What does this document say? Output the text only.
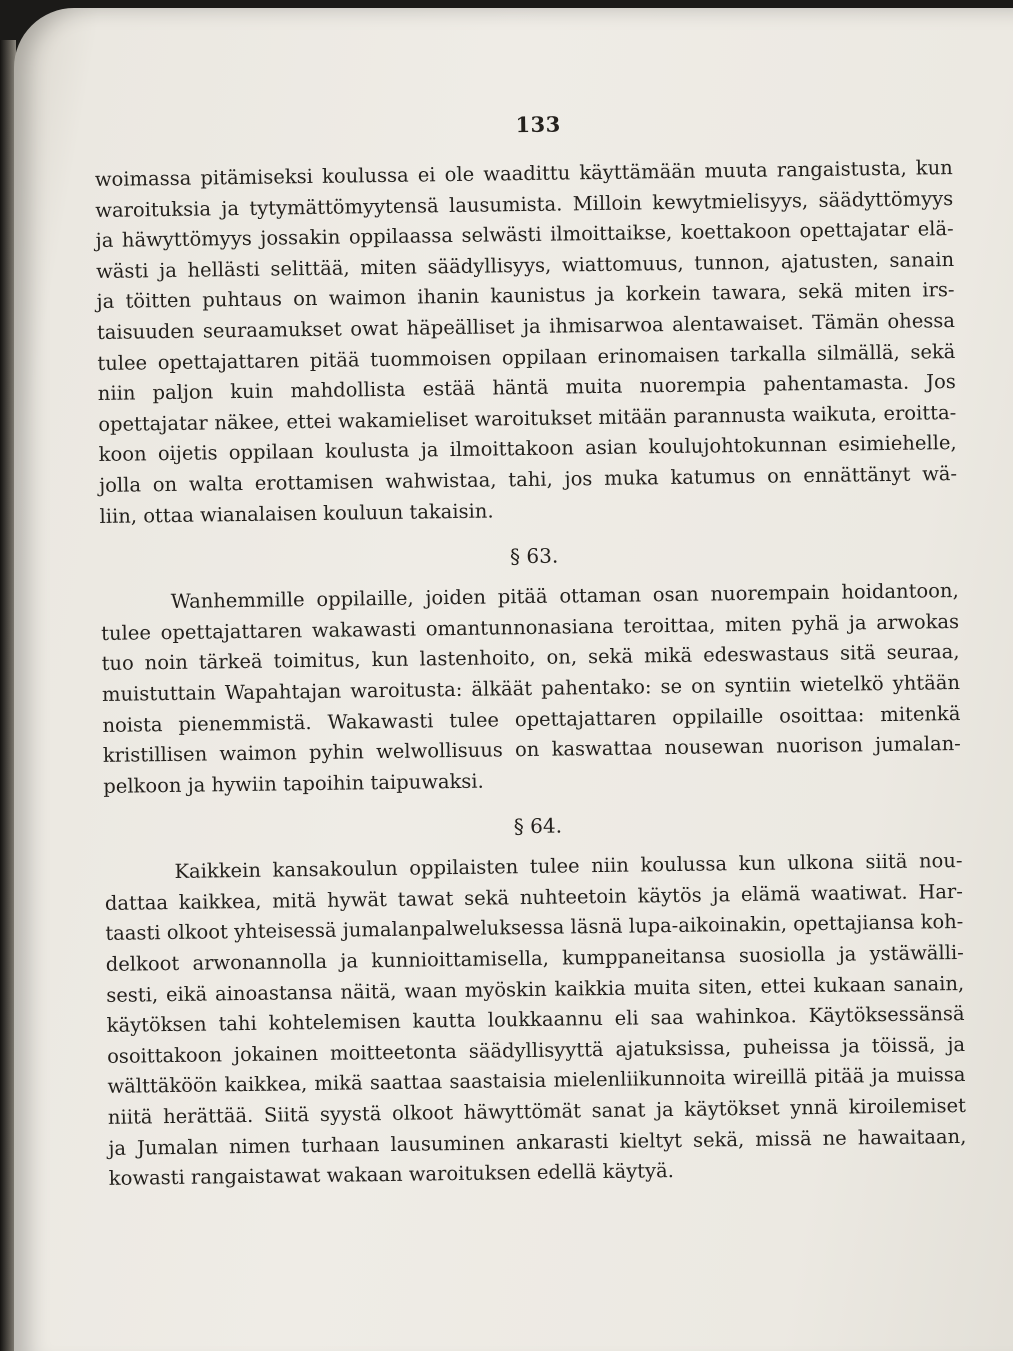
133
woimassa pitämiseksi koulussa ei ole waadittu käyttämään muuta rangaistusta, kun
waroituksia ja tytymättömyytensä lausumista. Milloin kewytmielisyys, säädyttömyys
ja häwyttömyys jossakin oppilaassa selwästi ilmoittaikse, koettakoon opettajatar elä-
wästi ja hellästi selittää, miten säädyllisyys, wiattomuus, tunnon, ajatusten, sanain
ja töitten puhtaus on waimon ihanin kaunistus ja korkein tawara, sekä miten irs-
taisuuden seuraamukset owat häpeälliset ja ihmisarwoa alentawaiset. Tämän ohessa
tulee opettajattaren pitää tuommoisen oppilaan erinomaisen tarkalla silmällä, sekä
niin paljon kuin mahdollista estää häntä muita nuorempia pahentamasta. Jos
opettajatar näkee, ettei wakamieliset waroitukset mitään parannusta waikuta, eroitta-
koon oijetis oppilaan koulusta ja ilmoittakoon asian koulujohtokunnan esimiehelle,
jolla on walta erottamisen wahwistaa, tahi, jos muka katumus on ennättänyt wä-
liin, ottaa wianalaisen kouluun takaisin.
§ 63.
Wanhemmille oppilaille, joiden pitää ottaman osan nuorempain hoidantoon,
tulee opettajattaren wakawasti omantunnonasiana teroittaa, miten pyhä ja arwokas
tuo noin tärkeä toimitus, kun lastenhoito, on, sekä mikä edeswastaus sitä seuraa,
muistuttain Wapahtajan waroitusta: älkäät pahentako: se on syntiin wietelkö yhtään
noista pienemmistä. Wakawasti tulee opettajattaren oppilaille osoittaa: mitenkä
kristillisen waimon pyhin welwollisuus on kaswattaa nousewan nuorison jumalan-
pelkoon ja hywiin tapoihin taipuwaksi.
§ 64.
Kaikkein kansakoulun oppilaisten tulee niin koulussa kun ulkona siitä nou-
dattaa kaikkea, mitä hywät tawat sekä nuhteetoin käytös ja elämä waatiwat. Har-
taasti olkoot yhteisessä jumalanpalweluksessa läsnä lupa-aikoinakin, opettajiansa koh-
delkoot arwonannolla ja kunnioittamisella, kumppaneitansa suosiolla ja ystäwälli-
sesti, eikä ainoastansa näitä, waan myöskin kaikkia muita siten, ettei kukaan sanain,
käytöksen tahi kohtelemisen kautta loukkaannu eli saa wahinkoa. Käytöksessänsä
osoittakoon jokainen moitteetonta säädyllisyyttä ajatuksissa, puheissa ja töissä, ja
wälttäköön kaikkea, mikä saattaa saastaisia mielenliikunnoita wireillä pitää ja muissa
niitä herättää. Siitä syystä olkoot häwyttömät sanat ja käytökset ynnä kiroilemiset
ja Jumalan nimen turhaan lausuminen ankarasti kieltyt sekä, missä ne hawaitaan,
kowasti rangaistawat wakaan waroituksen edellä käytyä.
